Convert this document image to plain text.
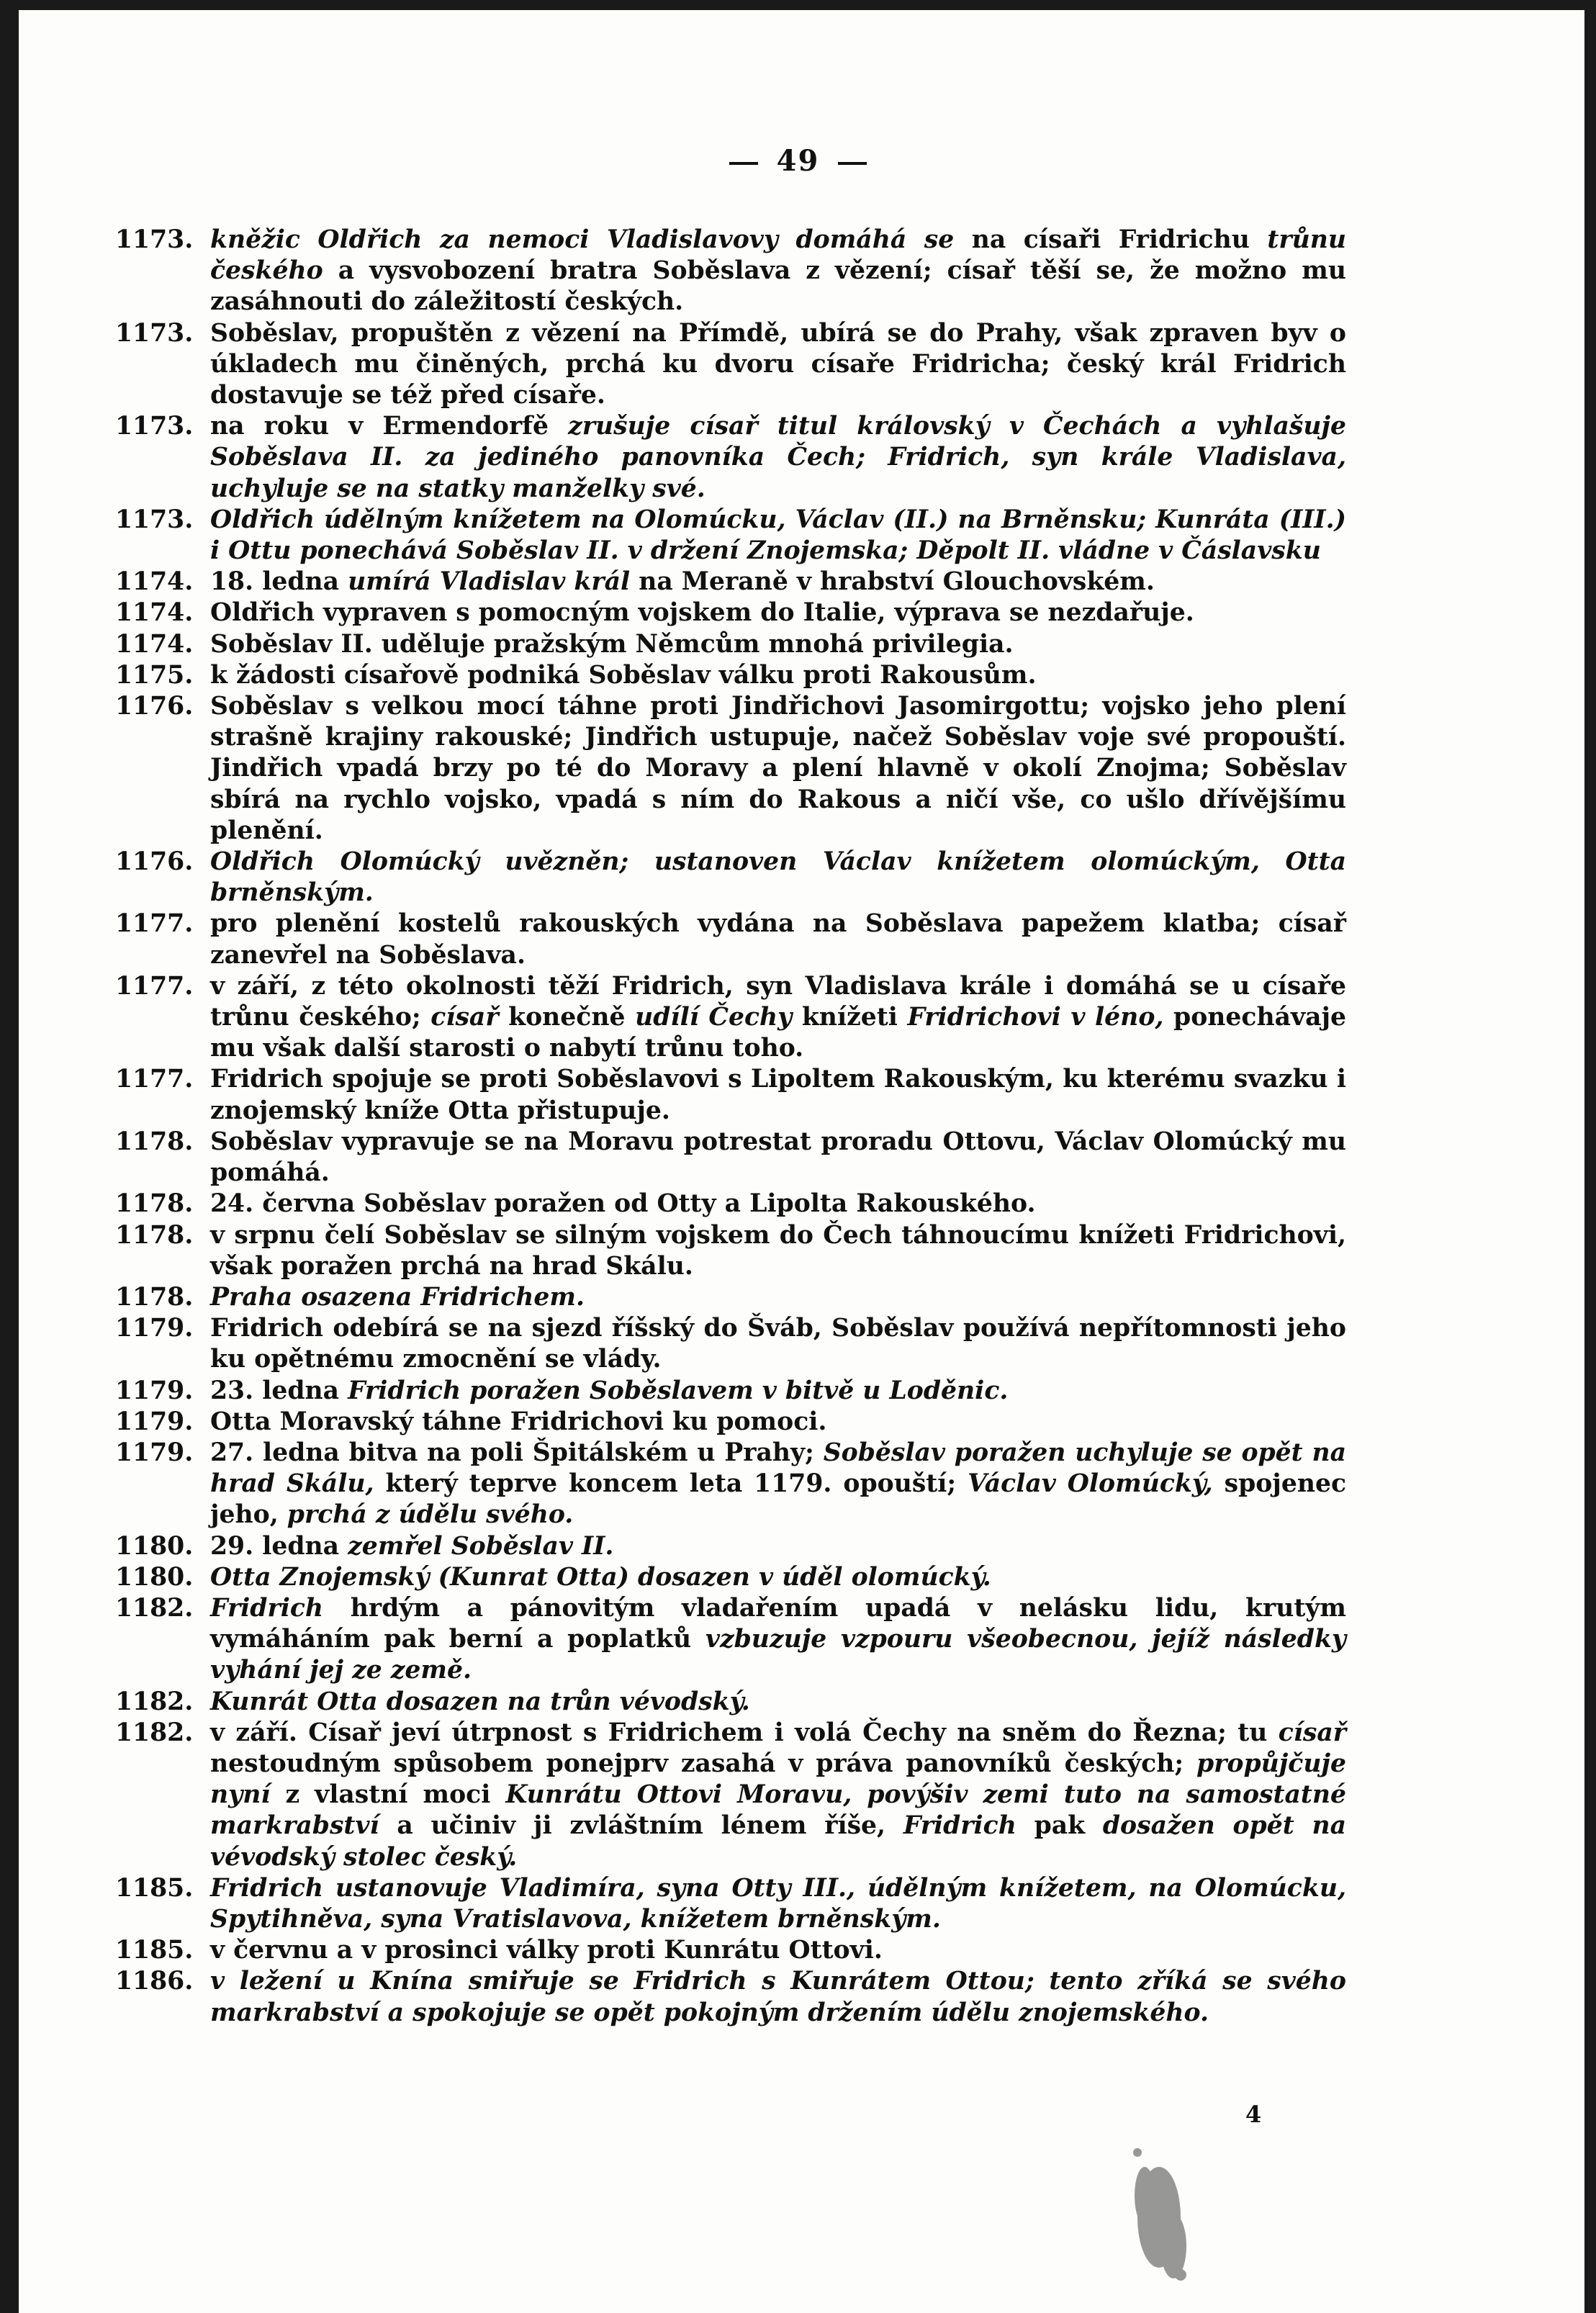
49
1173. kněžic Oldřich za nemoci Vladislavovy domáhá se na císaři Fridrichu trůnu českého a vysvobození bratra Soběslava z vězení; císař těší se, že možno mu zasáhnouti do záležitostí českých.
1173. Soběslav, propuštěn z vězení na Přímdě, ubírá se do Prahy, však zpraven byv o úkladech mu činěných, prchá ku dvoru císaře Fridricha; český král Fridrich dostavuje se též před císaře.
1173. na roku v Ermendorfě zrušuje císař titul královský v Čechách a vyhlašuje Soběslava II. za jediného panovníka Čech; Fridrich, syn krále Vladislava, uchyluje se na statky manželky své.
1173. Oldřich údělným knížetem na Olomúcku, Václav (II.) na Brněnsku; Kunráta (III.) i Ottu ponechává Soběslav II. v držení Znojemska; Děpolt II. vládne v Čáslavsku
1174. 18. ledna umírá Vladislav král na Meraně v hrabství Glouchovském.
1174. Oldřich vypraven s pomocným vojskem do Italie, výprava se nezdařuje.
1174. Soběslav II. uděluje pražským Němcům mnohá privilegia.
1175. k žádosti císařově podniká Soběslav válku proti Rakousům.
1176. Soběslav s velkou mocí táhne proti Jindřichovi Jasomirgottu; vojsko jeho plení strašně krajiny rakouské; Jindřich ustupuje, načež Soběslav voje své propouští. Jindřich vpadá brzy po té do Moravy a plení hlavně v okolí Znojma; Soběslav sbírá na rychlo vojsko, vpadá s ním do Rakous a ničí vše, co ušlo dřívějšímu plenění.
1176. Oldřich Olomúcký uvězněn; ustanoven Václav knížetem olomúckým, Otta brněnským.
1177. pro plenění kostelů rakouských vydána na Soběslava papežem klatba; císař zanevřel na Soběslava.
1177. v září, z této okolnosti těží Fridrich, syn Vladislava krále i domáhá se u císaře trůnu českého; císař konečně udílí Čechy knížeti Fridrichovi v léno, ponechávaje mu však další starosti o nabytí trůnu toho.
1177. Fridrich spojuje se proti Soběslavovi s Lipoltem Rakouským, ku kterému svazku i znojemský kníže Otta přistupuje.
1178. Soběslav vypravuje se na Moravu potrestat proradu Ottovu, Václav Olomúcký mu pomáhá.
1178. 24. června Soběslav poražen od Otty a Lipolta Rakouského.
1178. v srpnu čelí Soběslav se silným vojskem do Čech táhnoucímu knížeti Fridrichovi, však poražen prchá na hrad Skálu.
1178. Praha osazena Fridrichem.
1179. Fridrich odebírá se na sjezd říšský do Šváb, Soběslav používá nepřítomnosti jeho ku opětnému zmocnění se vlády.
1179. 23. ledna Fridrich poražen Soběslavem v bitvě u Loděnic.
1179. Otta Moravský táhne Fridrichovi ku pomoci.
1179. 27. ledna bitva na poli Špitálském u Prahy; Soběslav poražen uchyluje se opět na hrad Skálu, který teprve koncem leta 1179. opouští; Václav Olomúcký, spojenec jeho, prchá z údělu svého.
1180. 29. ledna zemřel Soběslav II.
1180. Otta Znojemský (Kunrat Otta) dosazen v úděl olomúcký.
1182. Fridrich hrdým a pánovitým vladařením upadá v nelásku lidu, krutým vymáháním pak berní a poplatků vzbuzuje vzpouru všeobecnou, jejíž následky vyhání jej ze země.
1182. Kunrát Otta dosazen na trůn vévodský.
1182. v září. Císař jeví útrpnost s Fridrichem i volá Čechy na sněm do Řezna; tu císař nestoudným spůsobem ponejprv zasahá v práva panovníků českých; propůjčuje nyní z vlastní moci Kunrátu Ottovi Moravu, povýšiv zemi tuto na samostatné markrabství a učiniv ji zvláštním lénem říše, Fridrich pak dosažen opět na vévodský stolec český.
1185. Fridrich ustanovuje Vladimíra, syna Otty III., údělným knížetem, na Olomúcku, Spytihněva, syna Vratislavova, knížetem brněnským.
1185. v červnu a v prosinci války proti Kunrátu Ottovi.
1186. v ležení u Knína smiřuje se Fridrich s Kunrátem Ottou; tento zříká se svého markrabství a spokojuje se opět pokojným držením údělu znojemského.
4
